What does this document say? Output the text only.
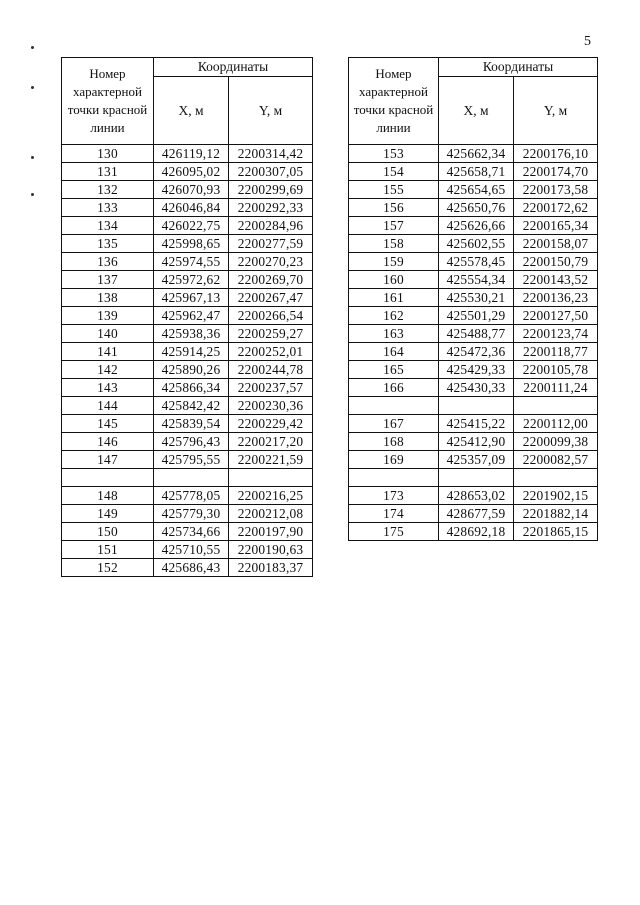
5
Номер характерной точки красной линии	Координаты	
	X, м	Y, м
130	426119,12	2200314,42
131	426095,02	2200307,05
132	426070,93	2200299,69
133	426046,84	2200292,33
134	426022,75	2200284,96
135	425998,65	2200277,59
136	425974,55	2200270,23
137	425972,62	2200269,70
138	425967,13	2200267,47
139	425962,47	2200266,54
140	425938,36	2200259,27
141	425914,25	2200252,01
142	425890,26	2200244,78
143	425866,34	2200237,57
144	425842,42	2200230,36
145	425839,54	2200229,42
146	425796,43	2200217,20
147	425795,55	2200221,59

148	425778,05	2200216,25
149	425779,30	2200212,08
150	425734,66	2200197,90
151	425710,55	2200190,63
152	425686,43	2200183,37
Номер характерной точки красной линии	Координаты	
	X, м	Y, м
153	425662,34	2200176,10
154	425658,71	2200174,70
155	425654,65	2200173,58
156	425650,76	2200172,62
157	425626,66	2200165,34
158	425602,55	2200158,07
159	425578,45	2200150,79
160	425554,34	2200143,52
161	425530,21	2200136,23
162	425501,29	2200127,50
163	425488,77	2200123,74
164	425472,36	2200118,77
165	425429,33	2200105,78
166	425430,33	2200111,24

167	425415,22	2200112,00
168	425412,90	2200099,38
169	425357,09	2200082,57

173	428653,02	2201902,15
174	428677,59	2201882,14
175	428692,18	2201865,15
